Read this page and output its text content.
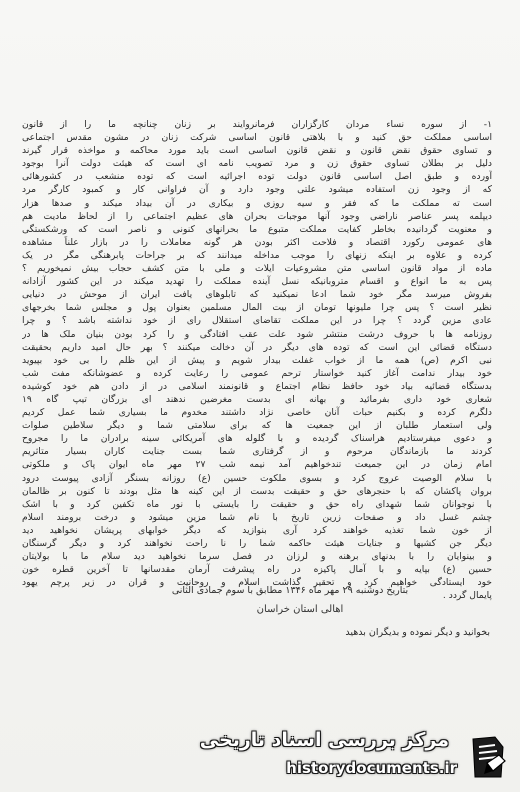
۱- از سوره نساء مردان کارگزاران فرمانروایند بر زنان چنانچه ما را از قانون
اساسی مملکت حق کنید و با بلاهتی قانون اساسی شرکت زنان در مشون مقدس اجتماعی
و تساوی حقوق نقض قانون و نقض قانون اساسی است باید مورد محاکمه و مواخذه قرار گیرند
دلیل بر بطلان تساوی حقوق زن و مرد تصویب نامه ای است که هیئت دولت آنرا بوجود
آورده و طبق اصل اساسی قانون دولت توده اجرائیه است که توده منشعب در کشورهائی
که از وجود زن استفاده میشود علتی وجود دارد و آن فراوانی کار و کمبود کارگر مرد
است ته مملکت ما که فقر و سیه روزی و بیکاری در آن بیداد میکند و صدها هزار
دیپلمه پسر عناصر ناراضی وجود آنها موجبات بحران های عظیم اجتماعی را از لحاظ مادیت هم
و معنویت گردانیده بخاطر کفایت مملکت متبوع ما بحرانهای کنونی و ناصر است که ورشکستگی
های عمومی رکورد اقتصاد و فلاحت اکثر بودن هر گونه معاملات را در بازار علناً مشاهده
کرده و علاوه بر اینکه زنهای را موجب مداخله میدانند که بر جراحات پابرهنگی مگر در یک
ماده از مواد قانون اساسی متن مشروعیات ایلات و ملی با متن کشف حجاب بیش نمیخوریم ؟
پس به ما انواع و اقسام متروبانیکه نسل آینده مملکت را تهدید میکند در این کشور آزادانه
بفروش میرسد مگر خود شما ادعا نمیکنید که تابلوهای یافت ایران از موحش در دنیایی
نظیر است ؟ پس چرا ملیونها تومان از بیت المال مسلمین بعنوان پول و مجلس شما بخرجهای
عادی مزین گردد ؟ چرا در این مملکت تقاضای استقلال رای از خود نداشته باشد ؟ و چرا
روزنامه ها با حروف درشت منتشر شود علت عقب افتادگی و را کرد بودن بنیان ملک ها در
دستگاه قضائی این است که توده های دیگر در آن دخالت میکنند ؟ بهر حال امید داریم بحقیقت
نبی اکرم (ص) همه ما از خواب غفلت بیدار شویم و پیش از این ظلم را بی خود بپیوید
خود بیدار ندامت آغاز کنید خواستار ترحم عمومی را رعایت کرده و عضوشانکه مفت شب
بدستگاه قضائیه بیاد خود حافظ نظام اجتماع و قانونمند اسلامی در از دادن هم خود کوشیده
شعاری خود داری بفرمائید و بهانه ای بدست مغرضین ندهند ای بزرگان تیپ گاه ۱۹
دلگرم کرده و بکنیم حبات آنان خاصی نژاد داشتند مخدوم ما بسیاری شما عمل کردیم
ولی استعمار طلبان از این جمعیت ها که برای سلامتی شما و دیگر سلاطین صلوات
و دعوی میفرستادیم هراسناک گردیده و با گلوله های آمریکائی سینه برادران ما را مجروح
کردند ما بازماندگان مرحوم و از گرفتاری شما بست جنایت کاران بسیار متاثریم
امام زمان در این جمیعت تندخواهیم آمد نیمه شب ۲۷ مهر ماه ایوان پاک و ملکوتی
با سلام الوصیت عروج کرد و بسوی ملکوت حسین (ع) روزانه بسنگر آزادی پیوست درود
بروان پاکشان که با حنجرهای حق و حقیقت بدست از این کینه ها مثل بودند تا کنون بر ظالمان
با نوجوانان شما شهدای راه حق و حقیقت را بایستی با نور ماه تکفین کرد و با اشک
چشم غسل داد و صفحات زرین تاریخ با نام شما مزین میشود و درخت برومند اسلام
از خون شما تغذیه خواهند کرد آری بنوازید که دیگر خوابهای پریشان نخواهید دید
دیگر جن کشیها و جنایات هیئت حاکمه شما را نا راحت نخواهند کرد و دیگر گرسنگان
و بینوایان را با بدنهای برهنه و لرزان در فصل سرما نخواهید دید سلام ما با بولایتان
حسین (ع) بپایه و با آمال پاکیزه در راه پیشرفت آرمان مقدسانها تا آخرین قطره خون
خود ایستادگی خواهیم کرد و تحقیر گذاشت اسلام و روحانیت و قران در زیر پرچم یهود
پایمال گردد .
بتاریخ دوشنبه ۲۹ مهر ماه ۱۳۴۶ مطابق با سوم جمادی الثانی
اهالی استان خراسان
بخوانید و دیگر نموده و بدیگران بدهید
مرکز بررسی اسناد تاریخی
historydocuments.ir
